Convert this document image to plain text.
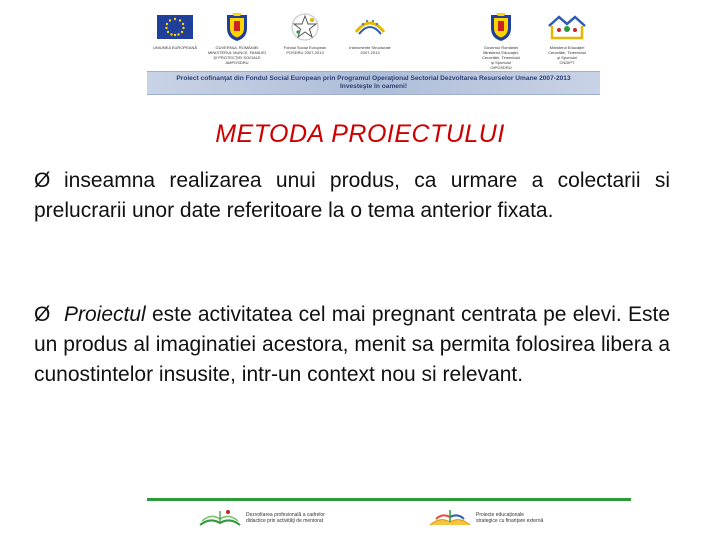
UNIUNEA EUROPEANĂ	GUVERNUL ROMÂNIEI
MINISTERUL MUNCII, FAMILIEI
ŞI PROTECŢIEI SOCIALE
AMPOSDRU
Fondul Social European
POSDRU 2007-2013
Instrumente Structurale
2007-2013
Guvernul României
Ministerul Educaţiei,
Cercetării, Tineretului
şi Sportului
OIPOSDRU
Ministerul Educaţiei
Cercetării, Tineretului
şi Sportului
CNDIPT
Proiect cofinanţat din Fondul Social European prin Programul Operaţional Sectorial Dezvoltarea Resurselor Umane 2007-2013
Investeşte în oameni!
METODA PROIECTULUI
Ø inseamna realizarea unui produs, ca urmare a colectarii si prelucrarii unor date referitoare la o tema anterior fixata.
Ø Proiectul este activitatea cel mai pregnant centrata pe elevi. Este un produs al imaginatiei acestora, menit sa permita folosirea libera a cunostintelor insusite, intr-un context nou si relevant.
Dezvoltarea profesională a cadrelor
didactice prin activităţi de mentorat
Proiecte educaţionale
strategice cu finanţare externă
